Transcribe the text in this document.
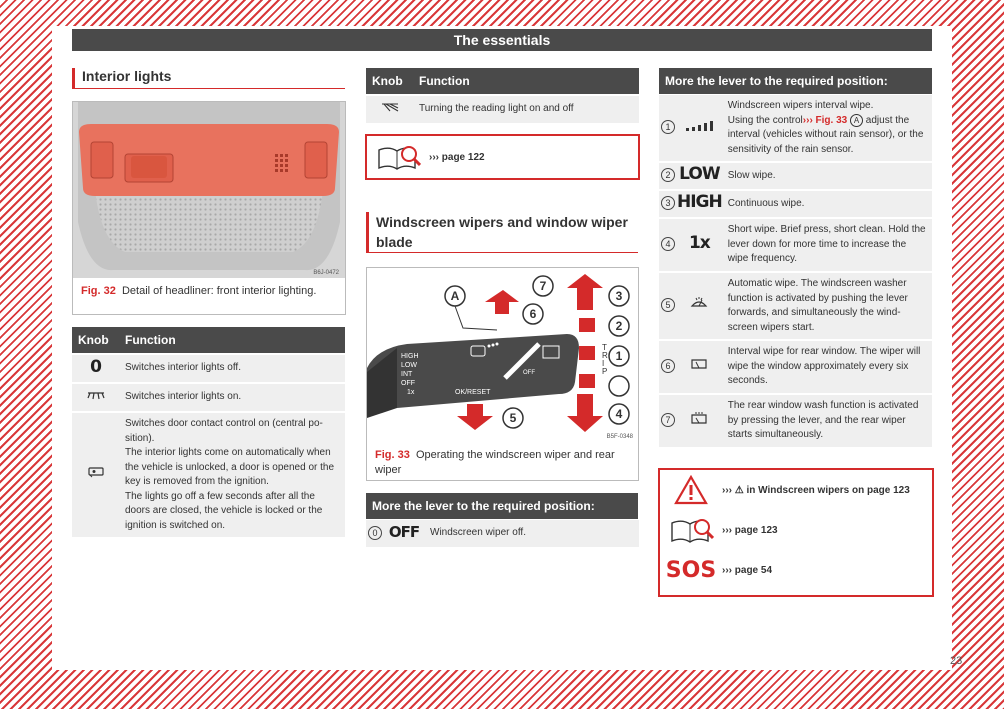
The essentials
Interior lights
B6J-0472
Fig. 32 Detail of headliner: front interior lighting.
Knob	Function
0	Switches interior lights off.
	Switches interior lights on.
	Switches door contact control on (central position).
The interior lights come on automatically when the vehicle is unlocked, a door is opened or the key is removed from the ignition.
The lights go off a few seconds after all the doors are closed, the vehicle is locked or the ignition is switched on.
Knob	Function
	Turning the reading light on and off
››› page 122
Windscreen wipers and window wiper blade
HIGH
LOW
INT
OFF
1x	OK/RESET
OFF
T
R
I
P
A
7
6
3
2
1
4
5
B5F-0348
Fig. 33 Operating the windscreen wiper and rear wiper
More the lever to the required position:
0	OFF	Windscreen wiper off.
More the lever to the required position:
1		Windscreen wipers interval wipe.
Using the control››› Fig. 33 A adjust the interval (vehicles without rain sensor), or the sensitivity of the rain sensor.
2	LOW	Slow wipe.
3	HIGH	Continuous wipe.
4	1x	Short wipe. Brief press, short clean. Hold the lever down for more time to increase the wipe frequency.
5		Automatic wipe. The windscreen washer function is activated by pushing the lever forwards, and simultaneously the windscreen wipers start.
6		Interval wipe for rear window. The wiper will wipe the window approximately every six seconds.
7		The rear window wash function is activated by pressing the lever, and the rear wiper starts simultaneously.
››› ⚠ in Windscreen wipers on page 123
››› page 123
SOS ››› page 54
23
